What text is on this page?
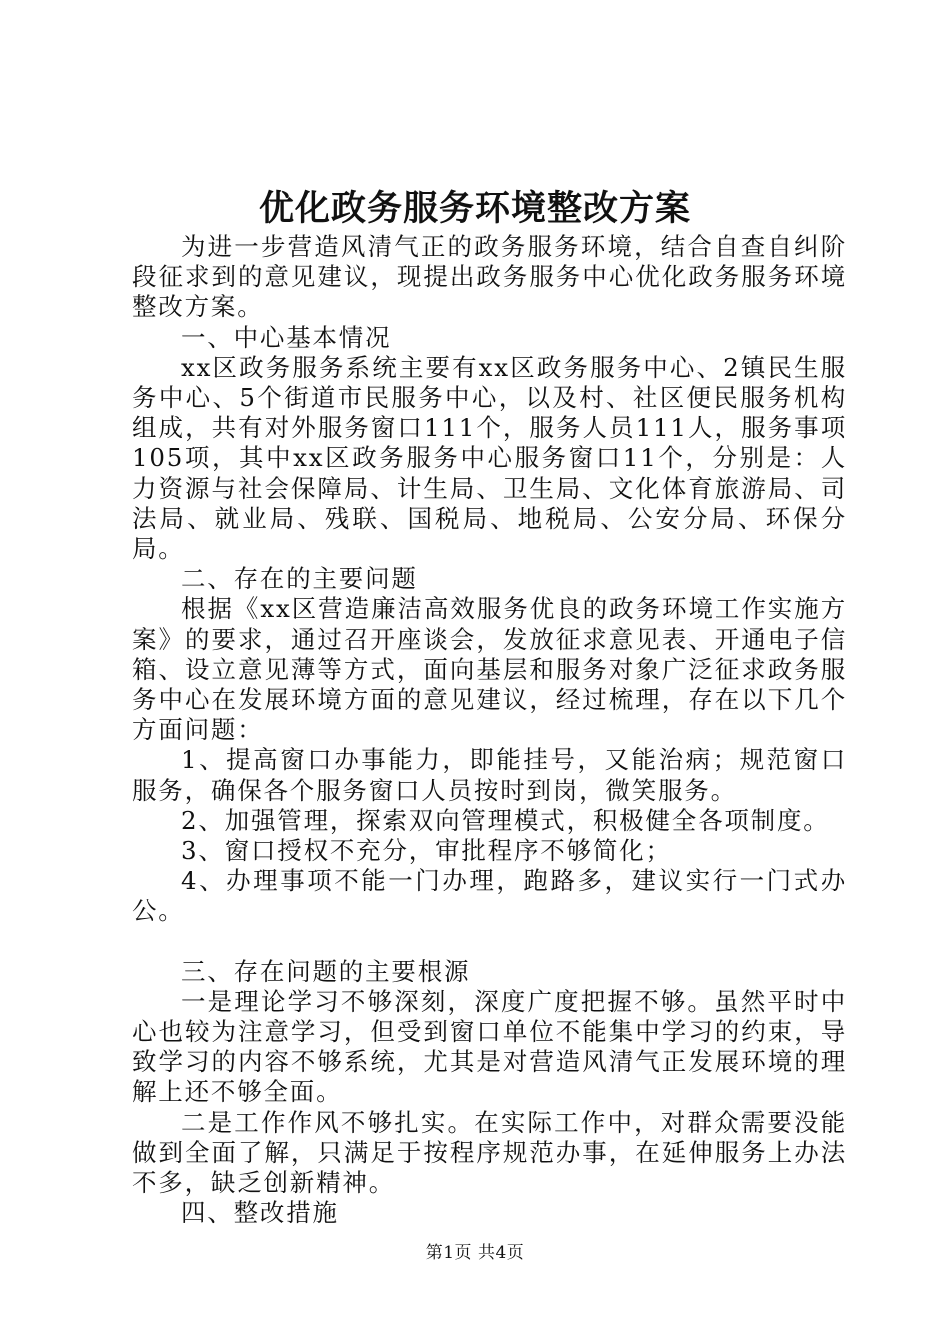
优化政务服务环境整改方案

为进一步营造风清气正的政务服务环境，结合自查自纠阶段征求到的意见建议，现提出政务服务中心优化政务服务环境整改方案。

一、中心基本情况

xx区政务服务系统主要有xx区政务服务中心、2镇民生服务中心、5个街道市民服务中心，以及村、社区便民服务机构组成，共有对外服务窗口111个，服务人员111人，服务事项105项，其中xx区政务服务中心服务窗口11个，分别是：人力资源与社会保障局、计生局、卫生局、文化体育旅游局、司法局、就业局、残联、国税局、地税局、公安分局、环保分局。

二、存在的主要问题

根据《xx区营造廉洁高效服务优良的政务环境工作实施方案》的要求，通过召开座谈会，发放征求意见表、开通电子信箱、设立意见薄等方式，面向基层和服务对象广泛征求政务服务中心在发展环境方面的意见建议，经过梳理，存在以下几个方面问题：

1、提高窗口办事能力，即能挂号，又能治病；规范窗口服务，确保各个服务窗口人员按时到岗，微笑服务。

2、加强管理，探索双向管理模式，积极健全各项制度。

3、窗口授权不充分，审批程序不够简化；

4、办理事项不能一门办理，跑路多，建议实行一门式办公。

三、存在问题的主要根源

一是理论学习不够深刻，深度广度把握不够。虽然平时中心也较为注意学习，但受到窗口单位不能集中学习的约束，导致学习的内容不够系统，尤其是对营造风清气正发展环境的理解上还不够全面。

二是工作作风不够扎实。在实际工作中，对群众需要没能做到全面了解，只满足于按程序规范办事，在延伸服务上办法不多，缺乏创新精神。

四、整改措施

第1页 共4页
